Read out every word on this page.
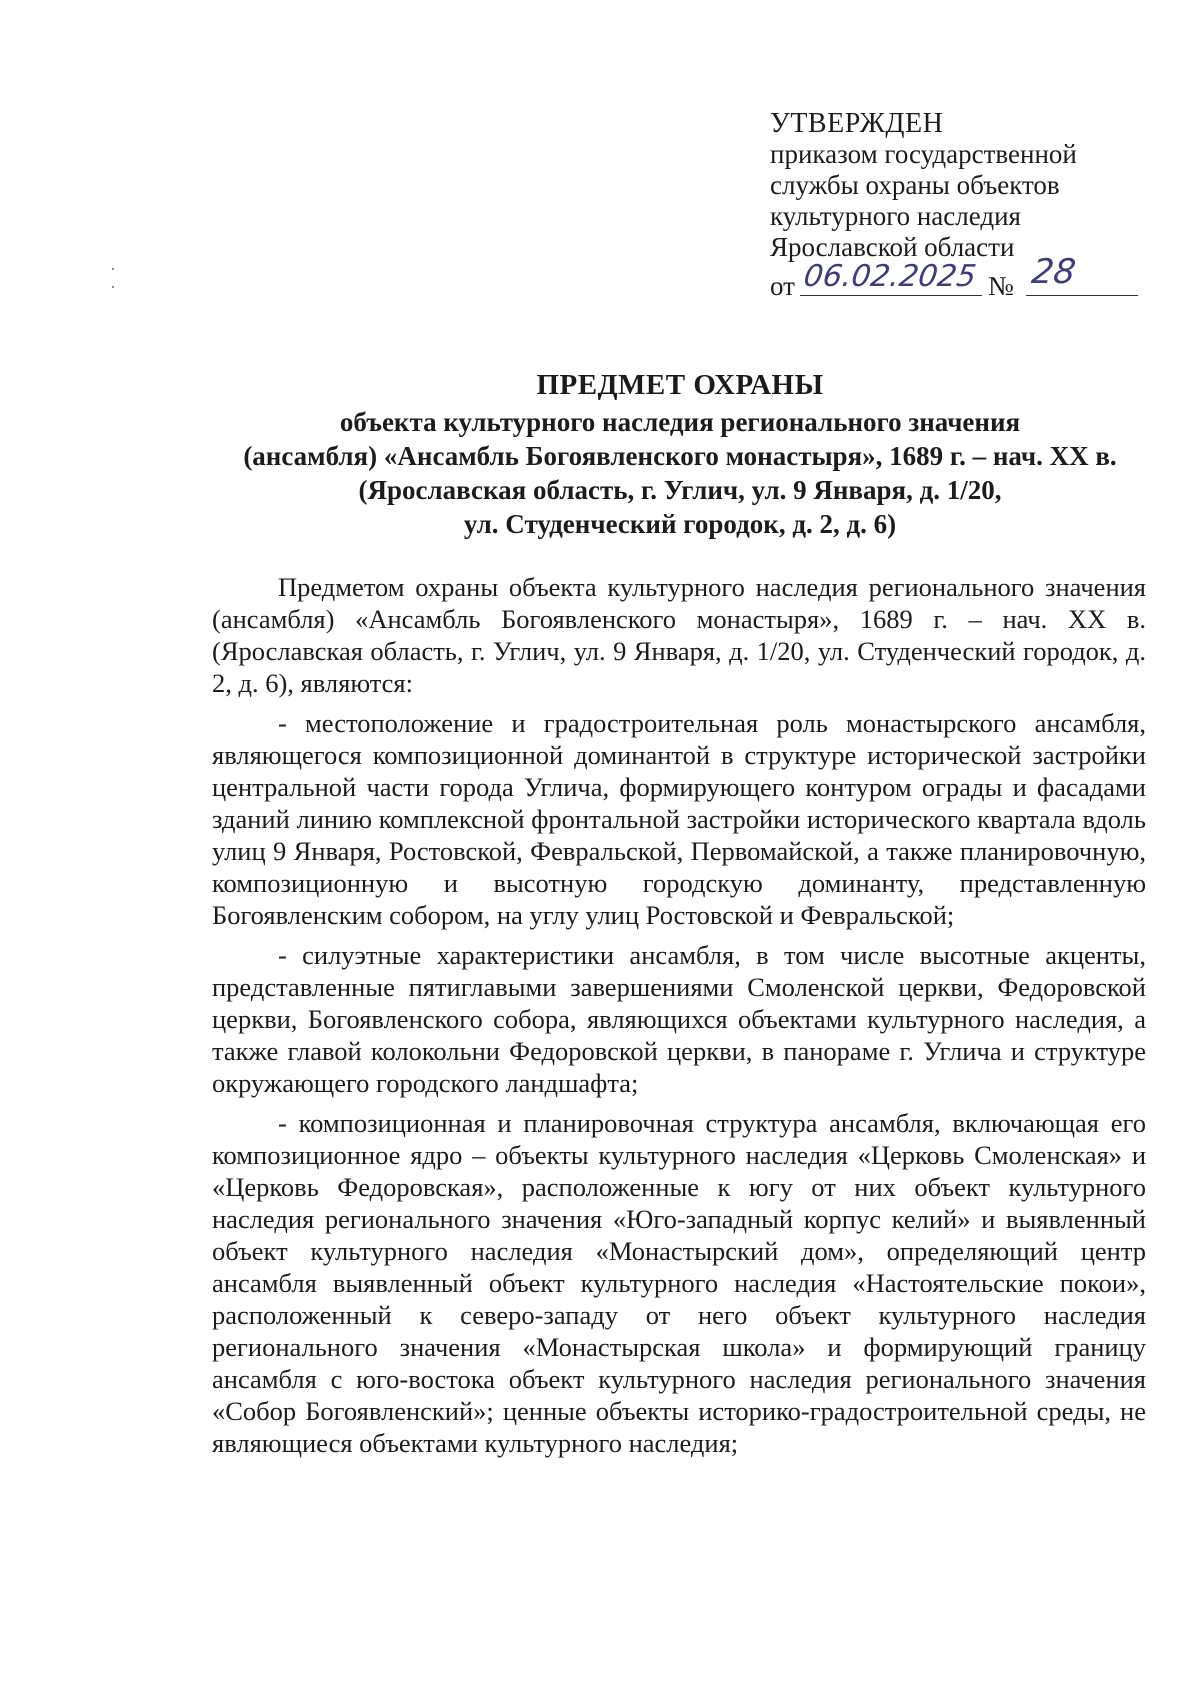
УТВЕРЖДЕН
приказом государственной
службы охраны объектов
культурного наследия
Ярославской области
от 06.02.2025 № 28
ПРЕДМЕТ ОХРАНЫ
объекта культурного наследия регионального значения
(ансамбля) «Ансамбль Богоявленского монастыря», 1689 г. – нач. XX в.
(Ярославская область, г. Углич, ул. 9 Января, д. 1/20,
ул. Студенческий городок, д. 2, д. 6)

Предметом охраны объекта культурного наследия регионального значения (ансамбля) «Ансамбль Богоявленского монастыря», 1689 г. – нач. XX в. (Ярославская область, г. Углич, ул. 9 Января, д. 1/20, ул. Студенческий городок, д. 2, д. 6), являются:

- местоположение и градостроительная роль монастырского ансамбля, являющегося композиционной доминантой в структуре исторической застройки центральной части города Углича, формирующего контуром ограды и фасадами зданий линию комплексной фронтальной застройки исторического квартала вдоль улиц 9 Января, Ростовской, Февральской, Первомайской, а также планировочную, композиционную и высотную городскую доминанту, представленную Богоявленским собором, на углу улиц Ростовской и Февральской;

- силуэтные характеристики ансамбля, в том числе высотные акценты, представленные пятиглавыми завершениями Смоленской церкви, Федоровской церкви, Богоявленского собора, являющихся объектами культурного наследия, а также главой колокольни Федоровской церкви, в панораме г. Углича и структуре окружающего городского ландшафта;

- композиционная и планировочная структура ансамбля, включающая его композиционное ядро – объекты культурного наследия «Церковь Смоленская» и «Церковь Федоровская», расположенные к югу от них объект культурного наследия регионального значения «Юго-западный корпус келий» и выявленный объект культурного наследия «Монастырский дом», определяющий центр ансамбля выявленный объект культурного наследия «Настоятельские покои», расположенный к северо-западу от него объект культурного наследия регионального значения «Монастырская школа» и формирующий границу ансамбля с юго-востока объект культурного наследия регионального значения «Собор Богоявленский»; ценные объекты историко-градостроительной среды, не являющиеся объектами культурного наследия;
